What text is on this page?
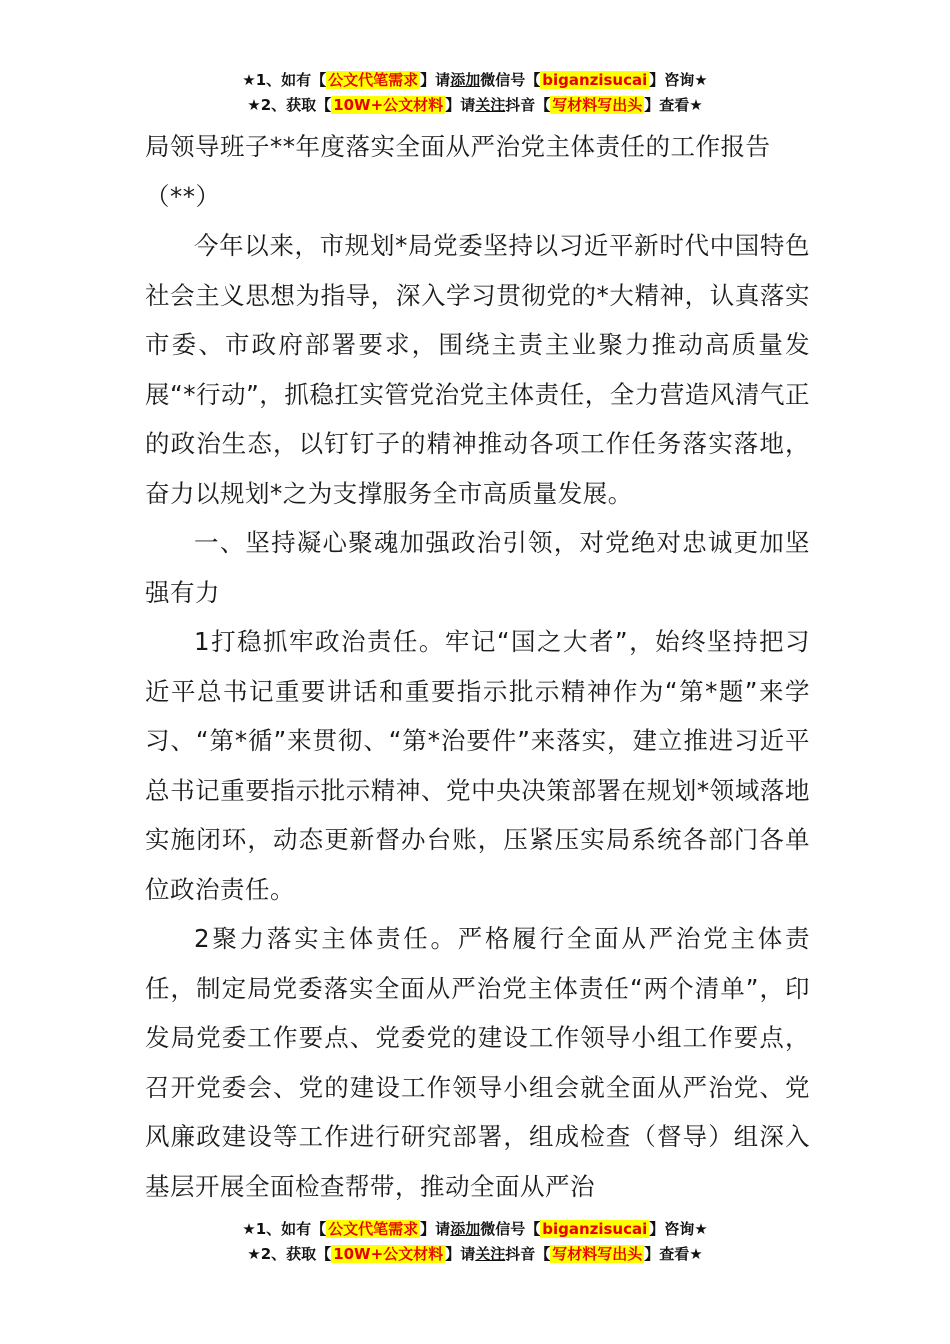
★1、如有【 公文代笔需求 】请添加微信号【 biganzisucai 】咨询★
★2、获取【 10W+公文材料 】请关注抖音【 写材料写出头 】查看★

局领导班子**年度落实全面从严治党主体责任的工作报告（**）

今年以来，市规划*局党委坚持以习近平新时代中国特色社会主义思想为指导，深入学习贯彻党的*大精神，认真落实市委、市政府部署要求，围绕主责主业聚力推动高质量发展“*行动”，抓稳扛实管党治党主体责任，全力营造风清气正的政治生态，以钉钉子的精神推动各项工作任务落实落地，奋力以规划*之为支撑服务全市高质量发展。

一、坚持凝心聚魂加强政治引领，对党绝对忠诚更加坚强有力

1打稳抓牢政治责任。牢记“国之大者”，始终坚持把习近平总书记重要讲话和重要指示批示精神作为“第*题”来学习、“第*循”来贯彻、“第*治要件”来落实，建立推进习近平总书记重要指示批示精神、党中央决策部署在规划*领域落地实施闭环，动态更新督办台账，压紧压实局系统各部门各单位政治责任。

2聚力落实主体责任。严格履行全面从严治党主体责任，制定局党委落实全面从严治党主体责任“两个清单”，印发局党委工作要点、党委党的建设工作领导小组工作要点，召开党委会、党的建设工作领导小组会就全面从严治党、党风廉政建设等工作进行研究部署，组成检查（督导）组深入基层开展全面检查帮带，推动全面从严治

★1、如有【 公文代笔需求 】请添加微信号【 biganzisucai 】咨询★
★2、获取【 10W+公文材料 】请关注抖音【 写材料写出头 】查看★
